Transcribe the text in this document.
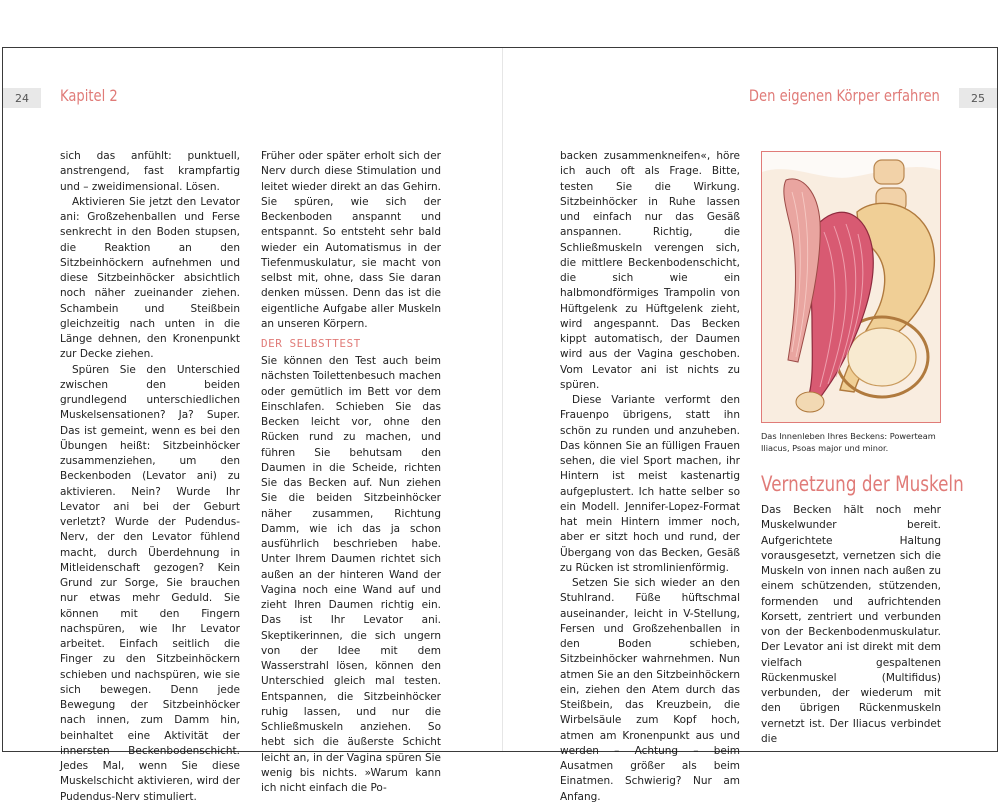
24	Kapitel 2

sich das anfühlt: punktuell, anstrengend, fast krampfartig und – zweidimensional. Lösen.

Aktivieren Sie jetzt den Levator ani: Großzehenballen und Ferse senkrecht in den Boden stupsen, die Reaktion an den Sitzbeinhöckern aufnehmen und diese Sitzbeinhöcker absichtlich noch näher zueinander ziehen. Schambein und Steißbein gleichzeitig nach unten in die Länge dehnen, den Kronenpunkt zur Decke ziehen.

Spüren Sie den Unterschied zwischen den beiden grundlegend unterschiedlichen Muskelsensationen? Ja? Super. Das ist gemeint, wenn es bei den Übungen heißt: Sitzbeinhöcker zusammenziehen, um den Beckenboden (Levator ani) zu aktivieren. Nein? Wurde Ihr Levator ani bei der Geburt verletzt? Wurde der Pudendus-Nerv, der den Levator fühlend macht, durch Überdehnung in Mitleidenschaft gezogen? Kein Grund zur Sorge, Sie brauchen nur etwas mehr Geduld. Sie können mit den Fingern nachspüren, wie Ihr Levator arbeitet. Einfach seitlich die Finger zu den Sitzbeinhöckern schieben und nachspüren, wie sie sich bewegen. Denn jede Bewegung der Sitzbeinhöcker nach innen, zum Damm hin, beinhaltet eine Aktivität der innersten Beckenbodenschicht. Jedes Mal, wenn Sie diese Muskelschicht aktivieren, wird der Pudendus-Nerv stimuliert.

Früher oder später erholt sich der Nerv durch diese Stimulation und leitet wieder direkt an das Gehirn. Sie spüren, wie sich der Beckenboden anspannt und entspannt. So entsteht sehr bald wieder ein Automatismus in der Tiefenmuskulatur, sie macht von selbst mit, ohne, dass Sie daran denken müssen. Denn das ist die eigentliche Aufgabe aller Muskeln an unseren Körpern.

DER SELBSTTEST

Sie können den Test auch beim nächsten Toilettenbesuch machen oder gemütlich im Bett vor dem Einschlafen. Schieben Sie das Becken leicht vor, ohne den Rücken rund zu machen, und führen Sie behutsam den Daumen in die Scheide, richten Sie das Becken auf. Nun ziehen Sie die beiden Sitzbeinhöcker näher zusammen, Richtung Damm, wie ich das ja schon ausführlich beschrieben habe. Unter Ihrem Daumen richtet sich außen an der hinteren Wand der Vagina noch eine Wand auf und zieht Ihren Daumen richtig ein. Das ist Ihr Levator ani. Skeptikerinnen, die sich ungern von der Idee mit dem Wasserstrahl lösen, können den Unterschied gleich mal testen. Entspannen, die Sitzbeinhöcker ruhig lassen, und nur die Schließmuskeln anziehen. So hebt sich die äußerste Schicht leicht an, in der Vagina spüren Sie wenig bis nichts. »Warum kann ich nicht einfach die Po-

25
Den eigenen Körper erfahren

backen zusammenkneifen«, höre ich auch oft als Frage. Bitte, testen Sie die Wirkung. Sitzbeinhöcker in Ruhe lassen und einfach nur das Gesäß anspannen. Richtig, die Schließmuskeln verengen sich, die mittlere Beckenbodenschicht, die sich wie ein halbmondförmiges Trampolin von Hüftgelenk zu Hüftgelenk zieht, wird angespannt. Das Becken kippt automatisch, der Daumen wird aus der Vagina geschoben. Vom Levator ani ist nichts zu spüren.

Diese Variante verformt den Frauenpo übrigens, statt ihn schön zu runden und anzuheben. Das können Sie an fülligen Frauen sehen, die viel Sport machen, ihr Hintern ist meist kastenartig aufgeplustert. Ich hatte selber so ein Modell. Jennifer-Lopez-Format hat mein Hintern immer noch, aber er sitzt hoch und rund, der Übergang von das Becken, Gesäß zu Rücken ist stromlinienförmig.

Setzen Sie sich wieder an den Stuhlrand. Füße hüftschmal auseinander, leicht in V-Stellung, Fersen und Großzehenballen in den Boden schieben, Sitzbeinhöcker wahrnehmen. Nun atmen Sie an den Sitzbeinhöckern ein, ziehen den Atem durch das Steißbein, das Kreuzbein, die Wirbelsäule zum Kopf hoch, atmen am Kronenpunkt aus und werden – Achtung – beim Ausatmen größer als beim Einatmen. Schwierig? Nur am Anfang.

Das Innenleben Ihres Beckens: Powerteam Iliacus, Psoas major und minor.
Vernetzung der Muskeln

Das Becken hält noch mehr Muskelwunder bereit. Aufgerichtete Haltung vorausgesetzt, vernetzen sich die Muskeln von innen nach außen zu einem schützenden, stützenden, formenden und aufrichtenden Korsett, zentriert und verbunden von der Beckenbodenmuskulatur. Der Levator ani ist direkt mit dem vielfach gespaltenen Rückenmuskel (Multifidus) verbunden, der wiederum mit den übrigen Rückenmuskeln vernetzt ist. Der Iliacus verbindet die
